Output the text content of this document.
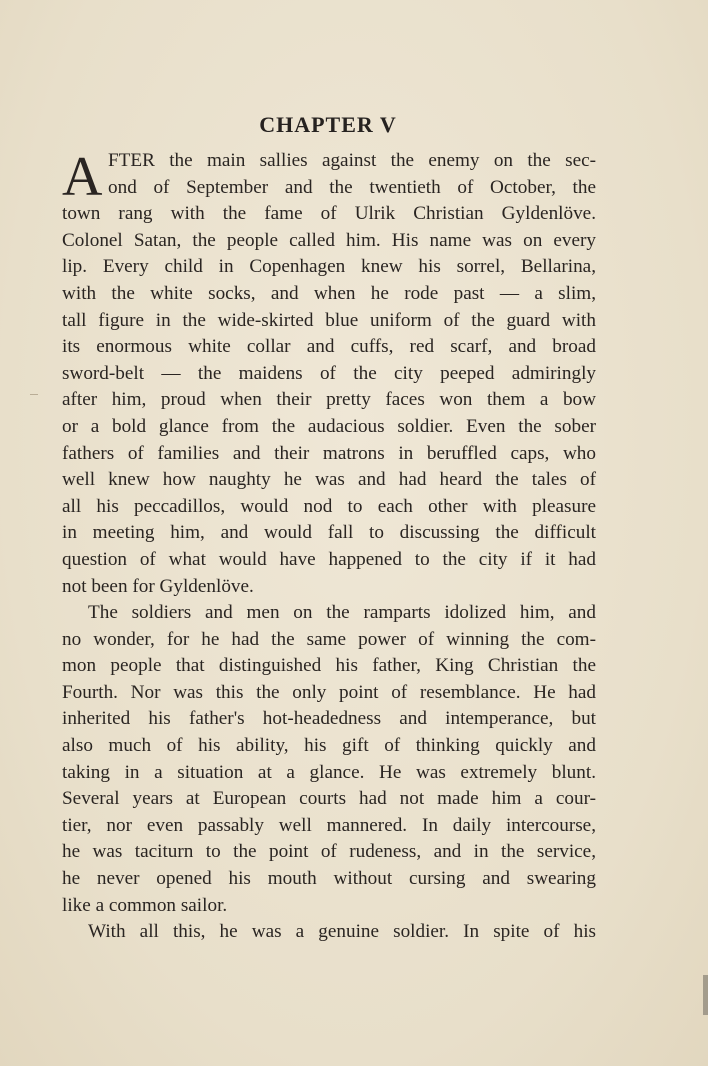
CHAPTER V
A FTER the main sallies against the enemy on the sec-
ond of September and the twentieth of October, the
town rang with the fame of Ulrik Christian Gyldenlöve.
Colonel Satan, the people called him. His name was on every
lip. Every child in Copenhagen knew his sorrel, Bellarina,
with the white socks, and when he rode past — a slim,
tall figure in the wide-skirted blue uniform of the guard with
its enormous white collar and cuffs, red scarf, and broad
sword-belt — the maidens of the city peeped admiringly
after him, proud when their pretty faces won them a bow
or a bold glance from the audacious soldier. Even the sober
fathers of families and their matrons in beruffled caps, who
well knew how naughty he was and had heard the tales of
all his peccadillos, would nod to each other with pleasure
in meeting him, and would fall to discussing the difficult
question of what would have happened to the city if it had
not been for Gyldenlöve.
The soldiers and men on the ramparts idolized him, and
no wonder, for he had the same power of winning the com-
mon people that distinguished his father, King Christian the
Fourth. Nor was this the only point of resemblance. He had
inherited his father's hot-headedness and intemperance, but
also much of his ability, his gift of thinking quickly and
taking in a situation at a glance. He was extremely blunt.
Several years at European courts had not made him a cour-
tier, nor even passably well mannered. In daily intercourse,
he was taciturn to the point of rudeness, and in the service,
he never opened his mouth without cursing and swearing
like a common sailor.
With all this, he was a genuine soldier. In spite of his
